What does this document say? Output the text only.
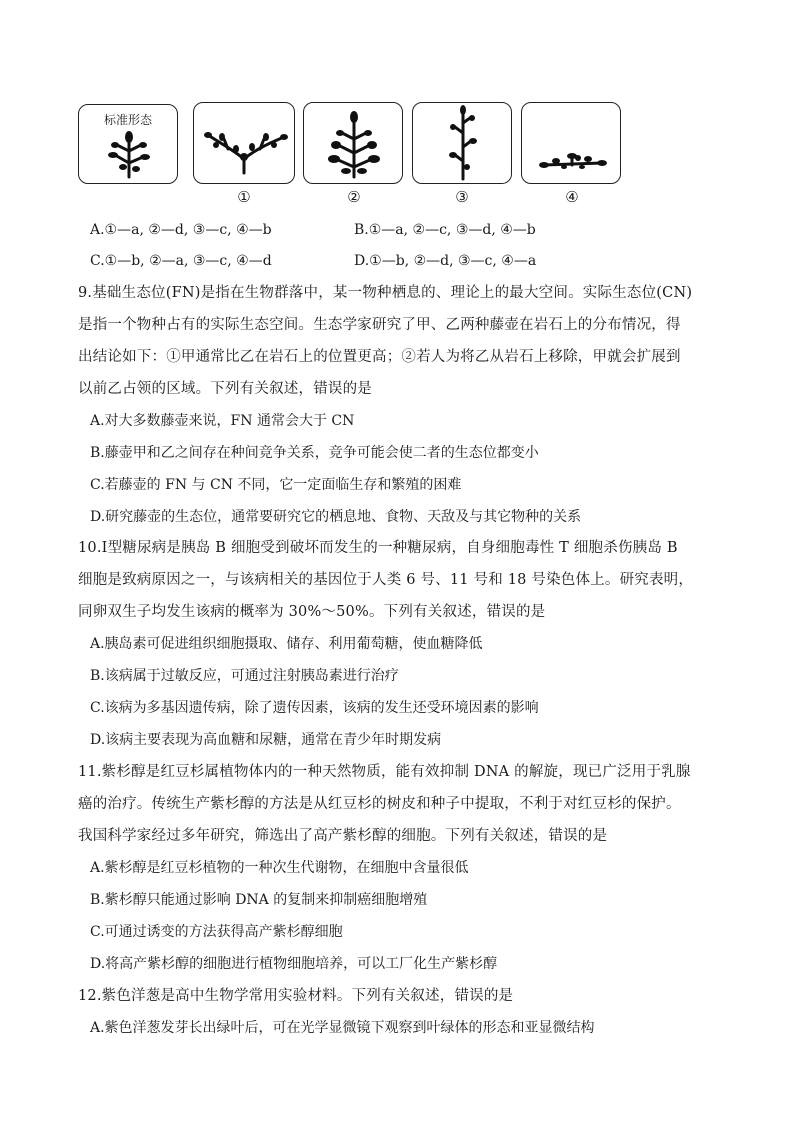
标准形态
①	②	③	④
A.①—a, ②—d, ③—c, ④—b	B.①—a, ②—c, ③—d, ④—b
C.①—b, ②—a, ③—c, ④—d	D.①—b, ②—d, ③—c, ④—a
9.基础生态位(FN)是指在生物群落中，某一物种栖息的、理论上的最大空间。实际生态位(CN)
是指一个物种占有的实际生态空间。生态学家研究了甲、乙两种藤壶在岩石上的分布情况，得
出结论如下：①甲通常比乙在岩石上的位置更高；②若人为将乙从岩石上移除，甲就会扩展到
以前乙占领的区域。下列有关叙述，错误的是
A.对大多数藤壶来说，FN 通常会大于 CN
B.藤壶甲和乙之间存在种间竞争关系，竞争可能会使二者的生态位都变小
C.若藤壶的 FN 与 CN 不同，它一定面临生存和繁殖的困难
D.研究藤壶的生态位，通常要研究它的栖息地、食物、天敌及与其它物种的关系
10.Ⅰ型糖尿病是胰岛 B 细胞受到破坏而发生的一种糖尿病，自身细胞毒性 T 细胞杀伤胰岛 B
细胞是致病原因之一，与该病相关的基因位于人类 6 号、11 号和 18 号染色体上。研究表明，
同卵双生子均发生该病的概率为 30%～50%。下列有关叙述，错误的是
A.胰岛素可促进组织细胞摄取、储存、利用葡萄糖，使血糖降低
B.该病属于过敏反应，可通过注射胰岛素进行治疗
C.该病为多基因遗传病，除了遗传因素，该病的发生还受环境因素的影响
D.该病主要表现为高血糖和尿糖，通常在青少年时期发病
11.紫杉醇是红豆杉属植物体内的一种天然物质，能有效抑制 DNA 的解旋，现已广泛用于乳腺
癌的治疗。传统生产紫杉醇的方法是从红豆杉的树皮和种子中提取，不利于对红豆杉的保护。
我国科学家经过多年研究，筛选出了高产紫杉醇的细胞。下列有关叙述，错误的是
A.紫杉醇是红豆杉植物的一种次生代谢物，在细胞中含量很低
B.紫杉醇只能通过影响 DNA 的复制来抑制癌细胞增殖
C.可通过诱变的方法获得高产紫杉醇细胞
D.将高产紫杉醇的细胞进行植物细胞培养，可以工厂化生产紫杉醇
12.紫色洋葱是高中生物学常用实验材料。下列有关叙述，错误的是
A.紫色洋葱发芽长出绿叶后，可在光学显微镜下观察到叶绿体的形态和亚显微结构
